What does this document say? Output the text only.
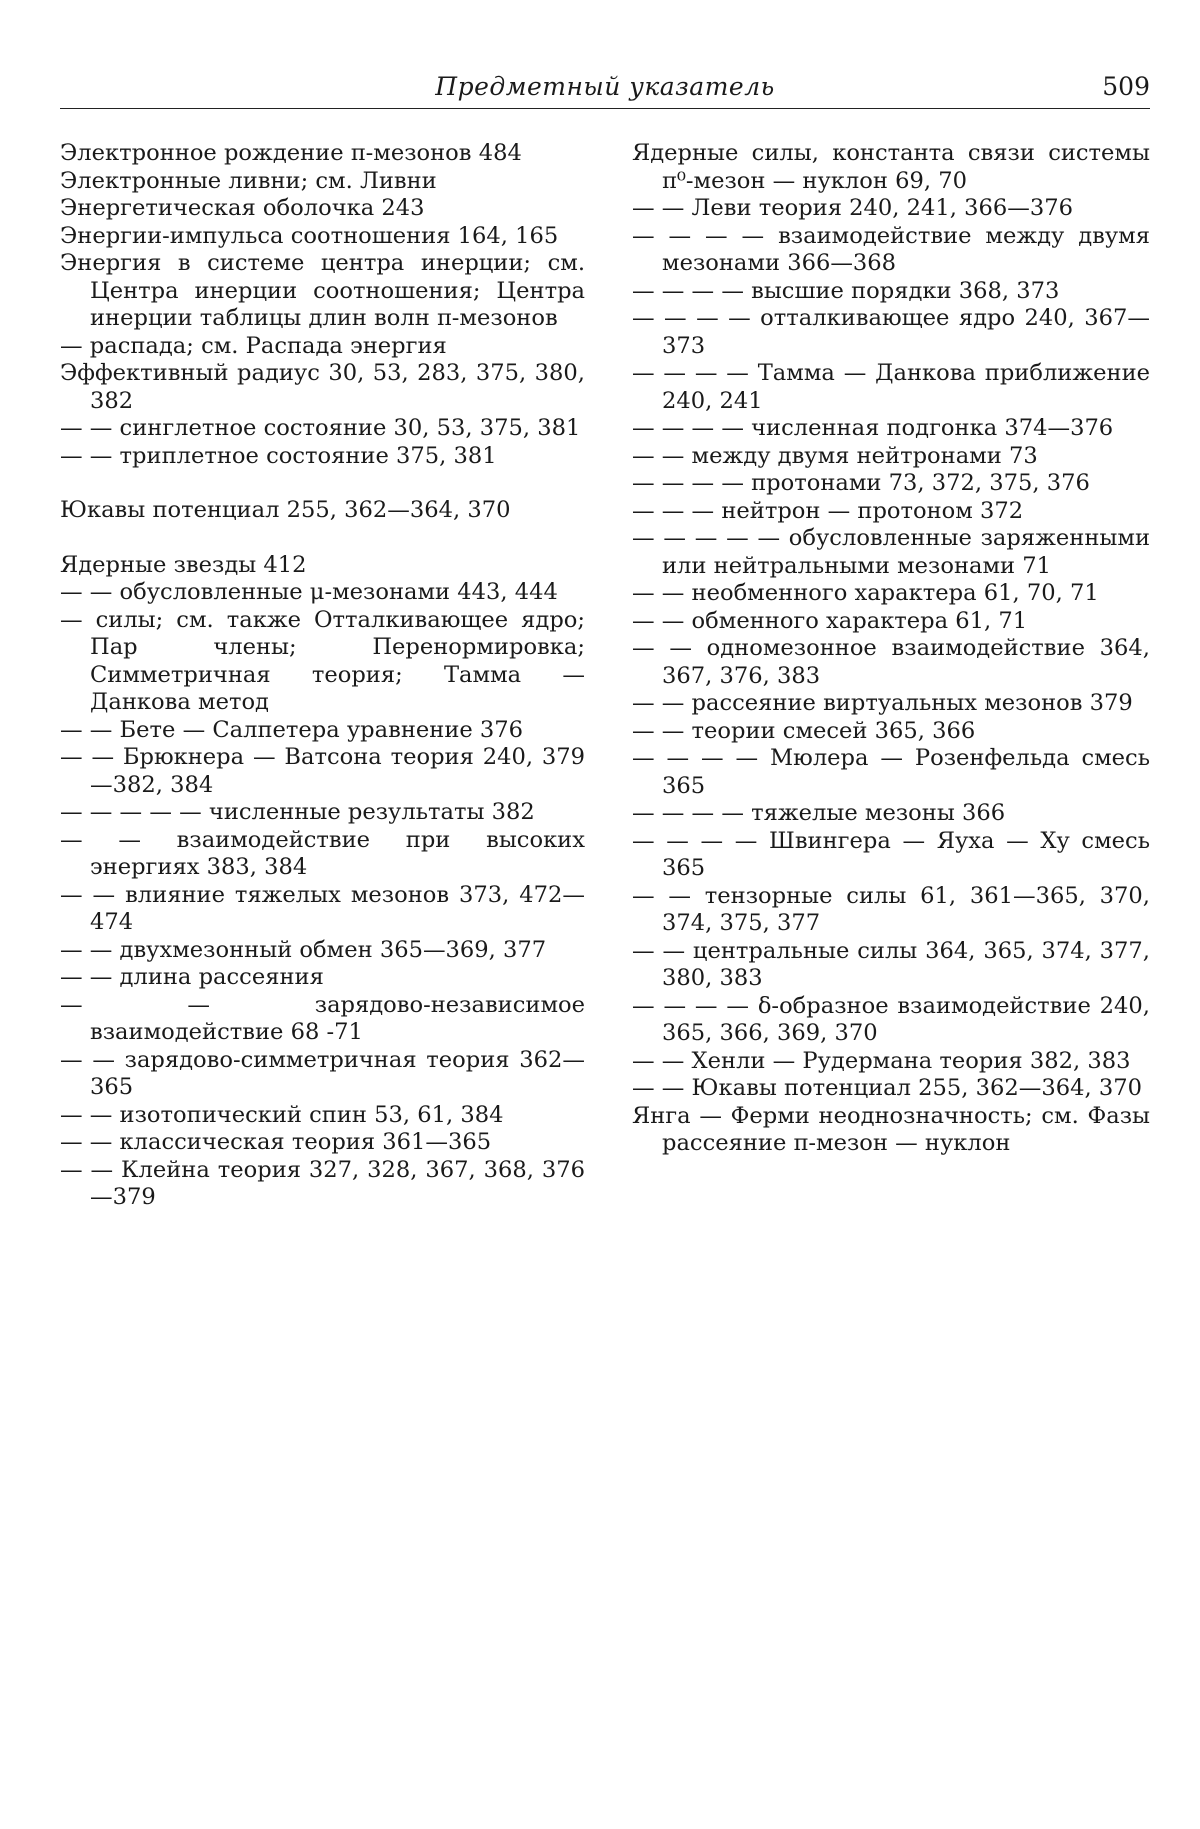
Предметный указатель	509
Электронное рождение π-мезонов 484
Электронные ливни; см. Ливни
Энергетическая оболочка 243
Энергии-импульса соотношения 164, 165
Энергия в системе центра инерции; см. Центра инерции соотношения; Центра инерции таблицы длин волн π-мезонов
— распада; см. Распада энергия
Эффективный радиус 30, 53, 283, 375, 380, 382
— — синглетное состояние 30, 53, 375, 381
— — триплетное состояние 375, 381
Юкавы потенциал 255, 362—364, 370
Ядерные звезды 412
— — обусловленные μ-мезонами 443, 444
— силы; см. также Отталкивающее ядро; Пар члены; Перенормировка; Симметричная теория; Тамма — Данкова метод
— — Бете — Салпетера уравнение 376
— — Брюкнера — Ватсона теория 240, 379—382, 384
— — — — — численные результаты 382
— — взаимодействие при высоких энергиях 383, 384
— — влияние тяжелых мезонов 373, 472—474
— — двухмезонный обмен 365—369, 377
— — длина рассеяния
— — зарядово-независимое взаимодействие 68 -71
— — зарядово-симметричная теория 362—365
— — изотопический спин 53, 61, 384
— — классическая теория 361—365
— — Клейна теория 327, 328, 367, 368, 376—379
Ядерные силы, константа связи системы π⁰-мезон — нуклон 69, 70
— — Леви теория 240, 241, 366—376
— — — — взаимодействие между двумя мезонами 366—368
— — — — высшие порядки 368, 373
— — — — отталкивающее ядро 240, 367—373
— — — — Тамма — Данкова приближение 240, 241
— — — — численная подгонка 374—376
— — между двумя нейтронами 73
— — — — протонами 73, 372, 375, 376
— — — нейтрон — протоном 372
— — — — — обусловленные заряженными или нейтральными мезонами 71
— — необменного характера 61, 70, 71
— — обменного характера 61, 71
— — одномезонное взаимодействие 364, 367, 376, 383
— — рассеяние виртуальных мезонов 379
— — теории смесей 365, 366
— — — — Мюлера — Розенфельда смесь 365
— — — — тяжелые мезоны 366
— — — — Швингера — Яуха — Ху смесь 365
— — тензорные силы 61, 361—365, 370, 374, 375, 377
— — центральные силы 364, 365, 374, 377, 380, 383
— — — — δ-образное взаимодействие 240, 365, 366, 369, 370
— — Хенли — Рудермана теория 382, 383
— — Юкавы потенциал 255, 362—364, 370
Янга — Ферми неоднозначность; см. Фазы рассеяние π-мезон — нуклон
